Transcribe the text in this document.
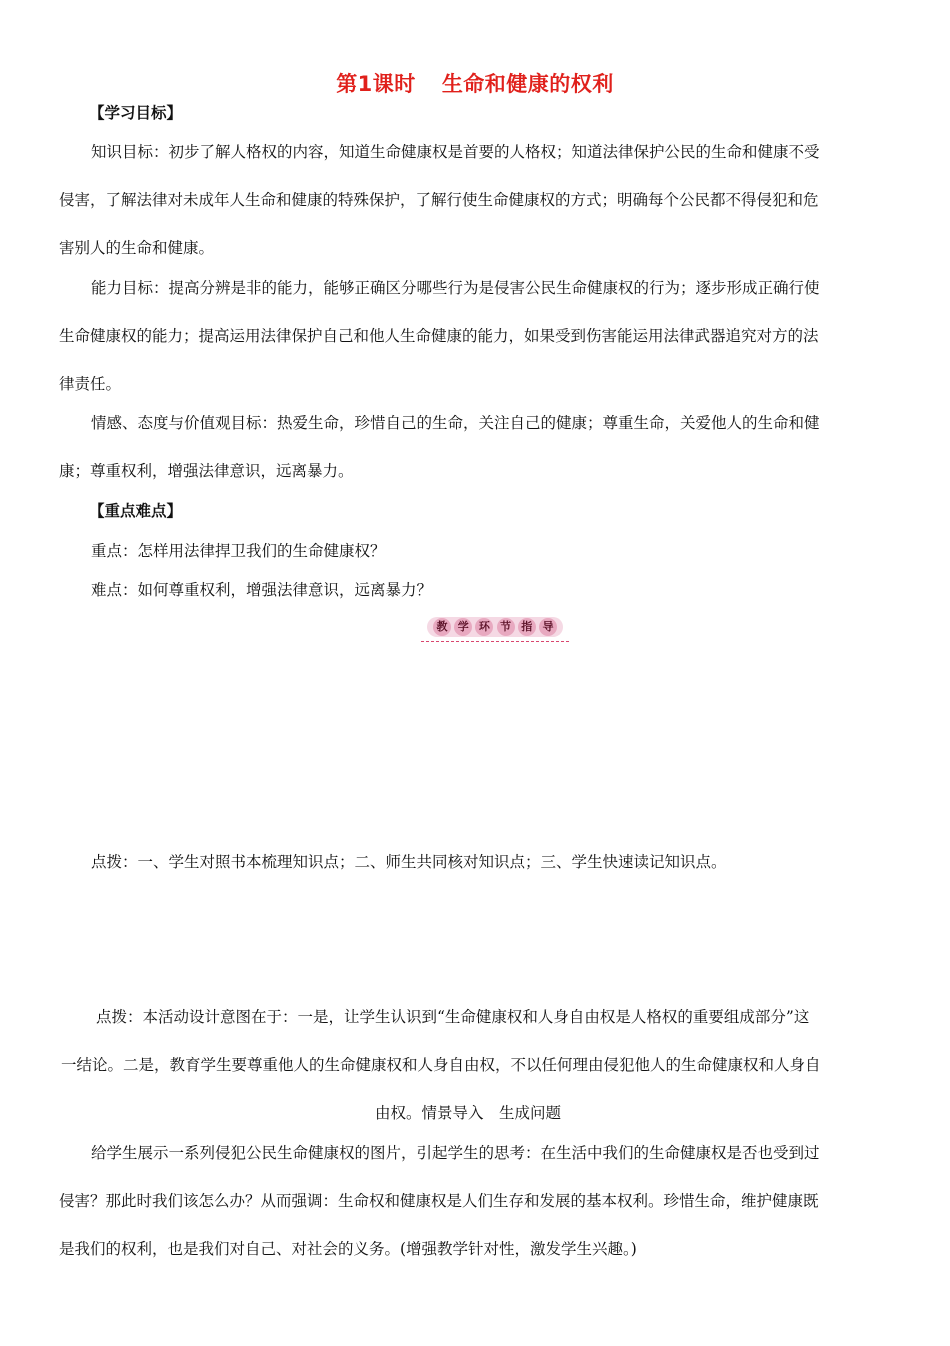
第1课时 生命和健康的权利
【学习目标】
知识目标：初步了解人格权的内容，知道生命健康权是首要的人格权；知道法律保护公民的生命和健康不受
侵害，了解法律对未成年人生命和健康的特殊保护，了解行使生命健康权的方式；明确每个公民都不得侵犯和危
害别人的生命和健康。
能力目标：提高分辨是非的能力，能够正确区分哪些行为是侵害公民生命健康权的行为；逐步形成正确行使
生命健康权的能力；提高运用法律保护自己和他人生命健康的能力，如果受到伤害能运用法律武器追究对方的法
律责任。
情感、态度与价值观目标：热爱生命，珍惜自己的生命，关注自己的健康；尊重生命，关爱他人的生命和健
康；尊重权利，增强法律意识，远离暴力。
【重点难点】
重点：怎样用法律捍卫我们的生命健康权？
难点：如何尊重权利，增强法律意识，远离暴力？
教 学 环 节 指 导
点拨：一、学生对照书本梳理知识点；二、师生共同核对知识点；三、学生快速读记知识点。
点拨：本活动设计意图在于：一是，让学生认识到“生命健康权和人身自由权是人格权的重要组成部分”这
一结论。二是，教育学生要尊重他人的生命健康权和人身自由权，不以任何理由侵犯他人的生命健康权和人身自
由权。情景导入　生成问题
给学生展示一系列侵犯公民生命健康权的图片，引起学生的思考：在生活中我们的生命健康权是否也受到过
侵害？那此时我们该怎么办？从而强调：生命权和健康权是人们生存和发展的基本权利。珍惜生命，维护健康既
是我们的权利，也是我们对自己、对社会的义务。(增强教学针对性，激发学生兴趣。)
